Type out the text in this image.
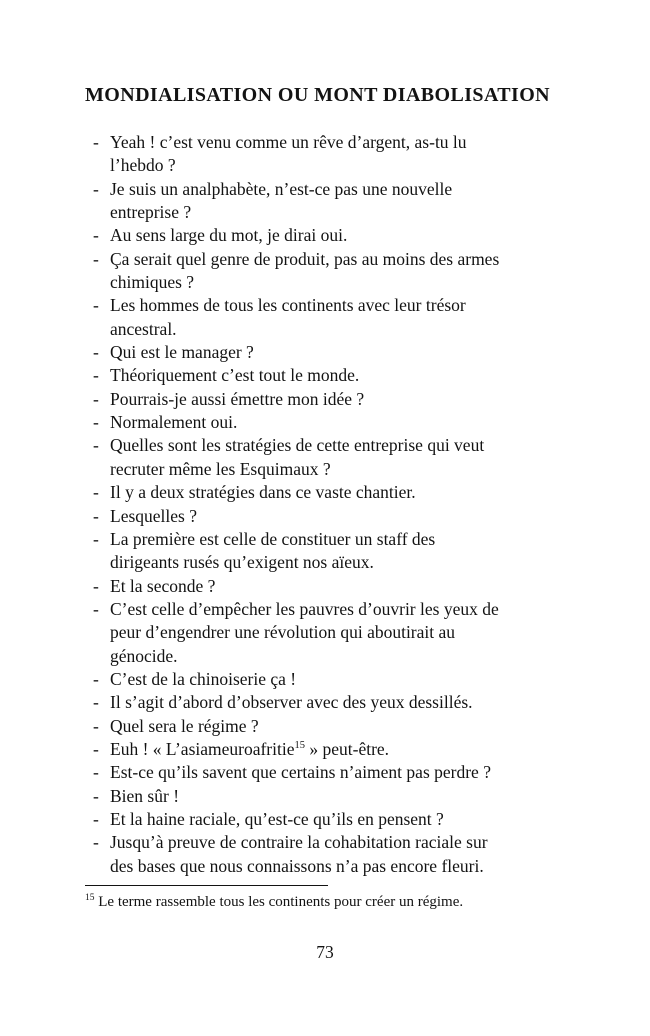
MONDIALISATION OU MONT DIABOLISATION
- Yeah ! c’est venu comme un rêve d’argent, as-tu lu
l’hebdo ?
- Je suis un analphabète, n’est-ce pas une nouvelle
entreprise ?
- Au sens large du mot, je dirai oui.
- Ça serait quel genre de produit, pas au moins des armes
chimiques ?
- Les hommes de tous les continents avec leur trésor
ancestral.
- Qui est le manager ?
- Théoriquement c’est tout le monde.
- Pourrais-je aussi émettre mon idée ?
- Normalement oui.
- Quelles sont les stratégies de cette entreprise qui veut
recruter même les Esquimaux ?
- Il y a deux stratégies dans ce vaste chantier.
- Lesquelles ?
- La première est celle de constituer un staff des
dirigeants rusés qu’exigent nos aïeux.
- Et la seconde ?
- C’est celle d’empêcher les pauvres d’ouvrir les yeux de
peur d’engendrer une révolution qui aboutirait au
génocide.
- C’est de la chinoiserie ça !
- Il s’agit d’abord d’observer avec des yeux dessillés.
- Quel sera le régime ?
- Euh ! « L’asiameuroafritie$^{15}$ » peut-être.
- Est-ce qu’ils savent que certains n’aiment pas perdre ?
- Bien sûr !
- Et la haine raciale, qu’est-ce qu’ils en pensent ?
- Jusqu’à preuve de contraire la cohabitation raciale sur
des bases que nous connaissons n’a pas encore fleuri.
$^{15}$ Le terme rassemble tous les continents pour créer un régime.
73
